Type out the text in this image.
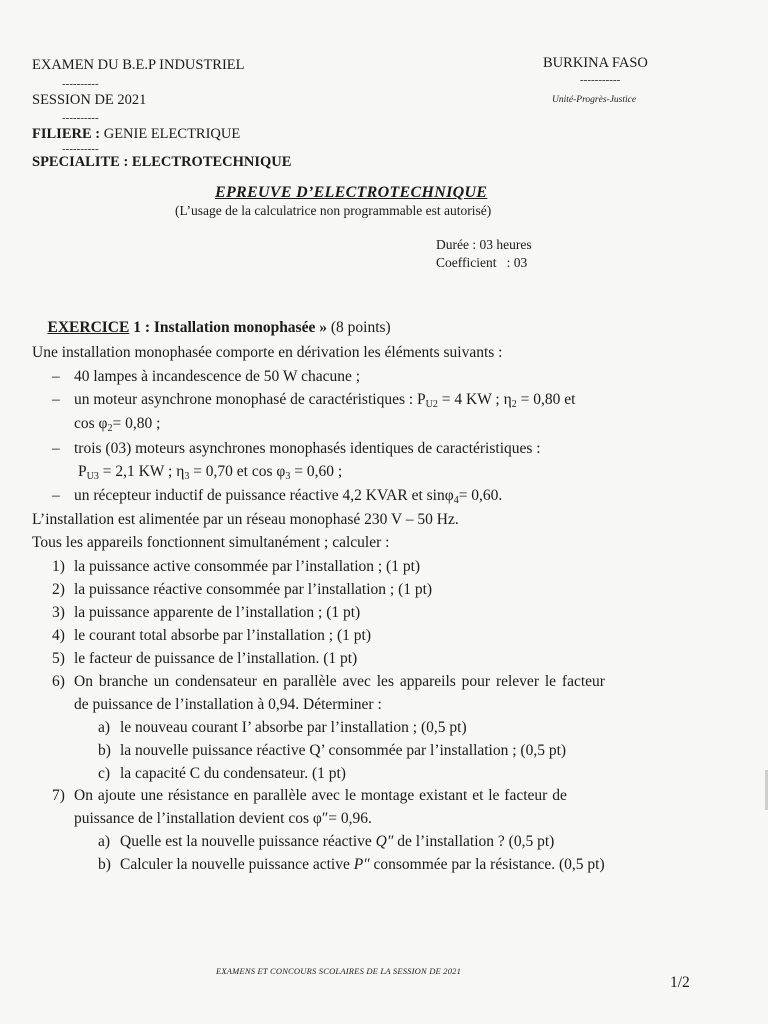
EXAMEN DU B.E.P INDUSTRIEL
----------
SESSION DE 2021
----------
FILIERE : GENIE ELECTRIQUE
----------
SPECIALITE : ELECTROTECHNIQUE
BURKINA FASO
-----------
Unité-Progrès-Justice
EPREUVE D’ELECTROTECHNIQUE
(L’usage de la calculatrice non programmable est autorisé)
Durée : 03 heures
Coefficient   : 03

EXERCICE 1 : Installation monophasée » (8 points)

Une installation monophasée comporte en dérivation les éléments suivants :
– 40 lampes à incandescence de 50 W chacune ;
– un moteur asynchrone monophasé de caractéristiques : $P_{U2} = 4$ KW ; $\eta_2 = 0,80$ et
$\cos \varphi_2= 0,80$ ;
– trois (03) moteurs asynchrones monophasés identiques de caractéristiques :
$P_{U3} = 2,1$ KW ; $\eta_3 = 0,70$ et $\cos \varphi_3 = 0,60$ ;
– un récepteur inductif de puissance réactive 4,2 KVAR et sinφ$_4$= 0,60.
L’installation est alimentée par un réseau monophasé 230 V – 50 Hz.
Tous les appareils fonctionnent simultanément ; calculer :
1) la puissance active consommée par l’installation ; (1 pt)
2) la puissance réactive consommée par l’installation ; (1 pt)
3) la puissance apparente de l’installation ; (1 pt)
4) le courant total absorbe par l’installation ; (1 pt)
5) le facteur de puissance de l’installation. (1 pt)
6) On branche un condensateur en parallèle avec les appareils pour relever le facteur
de puissance de l’installation à 0,94. Déterminer :
a) le nouveau courant I’ absorbe par l’installation ; (0,5 pt)
b) la nouvelle puissance réactive Q’ consommée par l’installation ; (0,5 pt)
c) la capacité C du condensateur. (1 pt)
7) On ajoute une résistance en parallèle avec le montage existant et le facteur de
puissance de l’installation devient cos φ″= 0,96.
a) Quelle est la nouvelle puissance réactive Q″ de l’installation ? (0,5 pt)
b) Calculer la nouvelle puissance active P″ consommée par la résistance. (0,5 pt)
EXAMENS ET CONCOURS SCOLAIRES DE LA SESSION DE 2021
1/2
